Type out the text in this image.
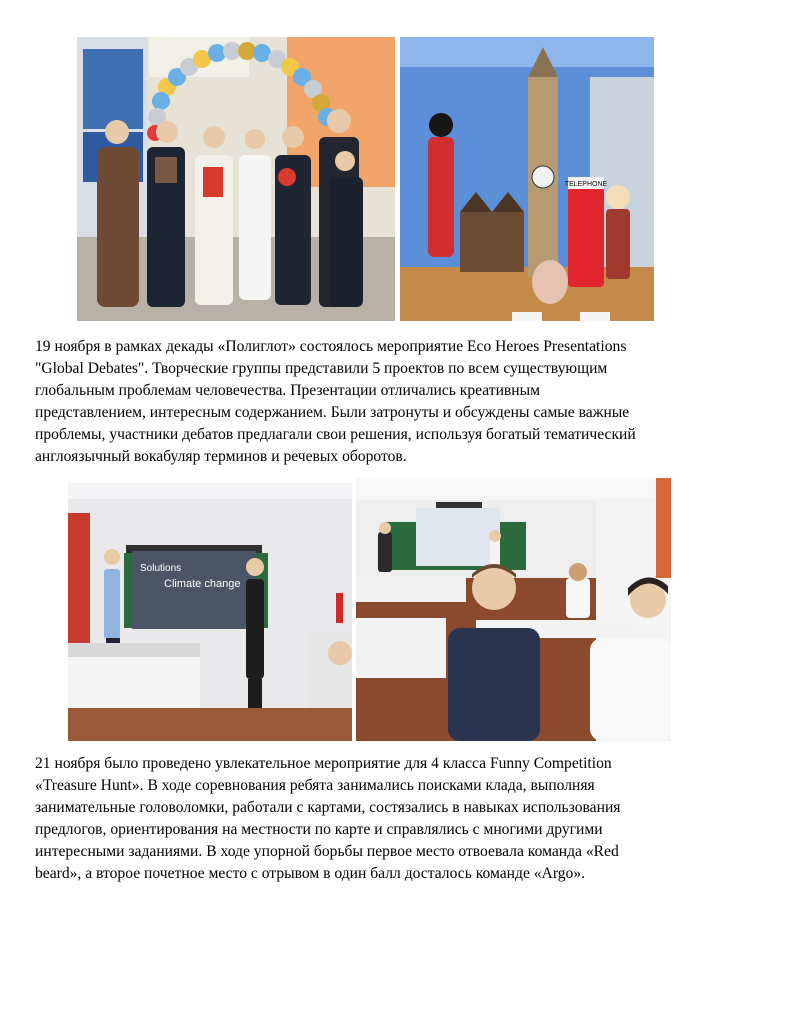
TELEPHONE

19 ноября в рамках декады «Полиглот» состоялось мероприятие Eco Heroes Presentations
"Global Debates". Творческие группы представили 5 проектов по всем существующим
глобальным проблемам человечества. Презентации отличались креативным
представлением, интересным содержанием. Были затронуты и обсуждены самые важные
проблемы, участники дебатов предлагали свои решения, используя богатый тематический
англоязычный вокабуляр терминов и речевых оборотов.

Solutions
Climate change

21 ноября было проведено увлекательное мероприятие для 4 класса Funny Competition
«Treasure Hunt». В ходе соревнования ребята занимались поисками клада, выполняя
занимательные головоломки, работали с картами, состязались в навыках использования
предлогов, ориентирования на местности по карте и справлялись с многими другими
интересными заданиями. В ходе упорной борьбы первое место отвоевала команда «Red
beard», а второе почетное место с отрывом в один балл досталось команде «Argo».
